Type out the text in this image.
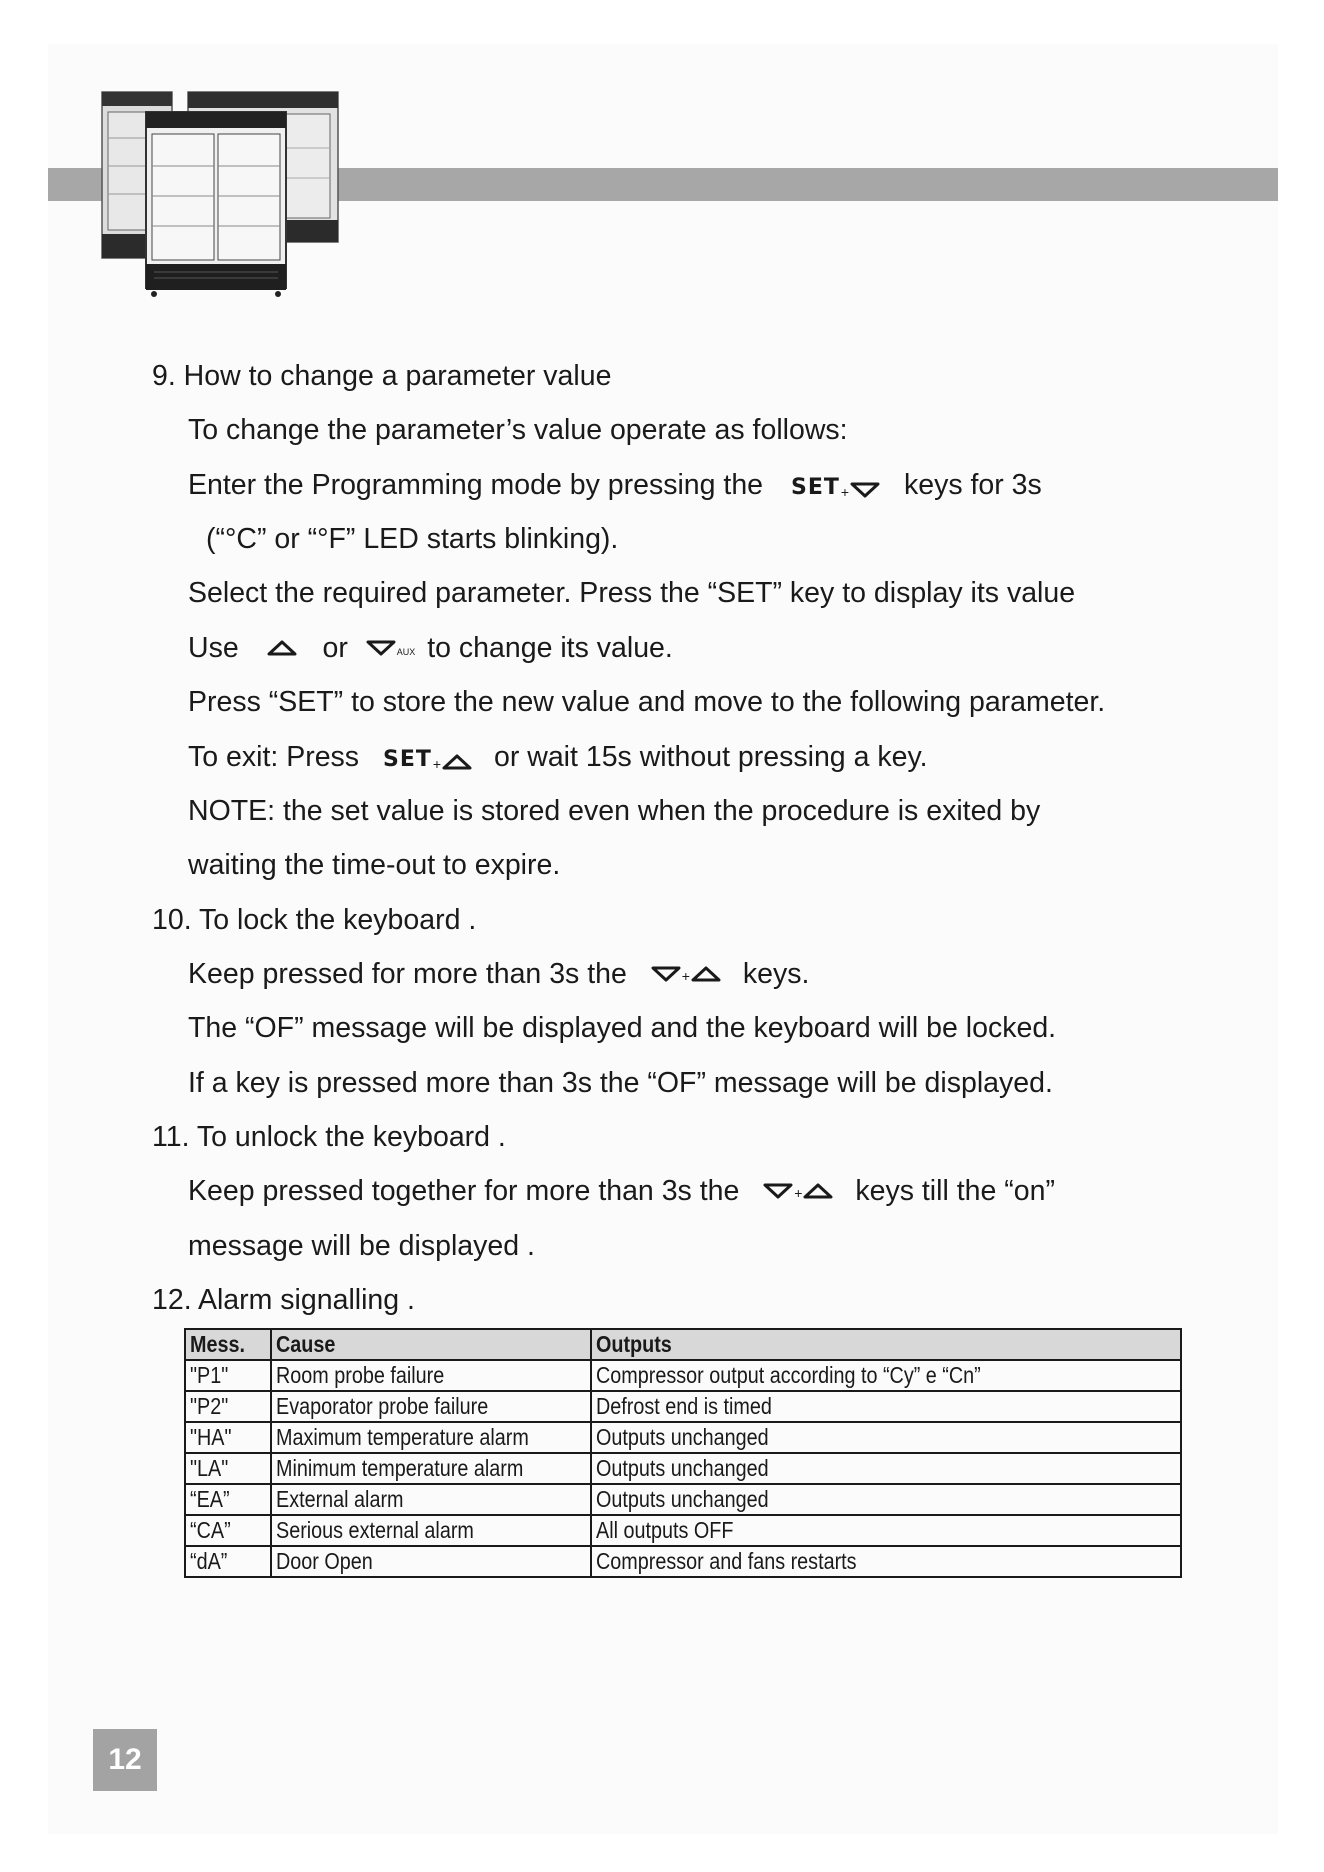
9. How to change a parameter value
To change the parameter’s value operate as follows:
Enter the Programming mode by pressing the SET + keys for 3s
(“°C” or “°F” LED starts blinking).
Select the required parameter. Press the “SET” key to display its value
Use	or	AUX to change its value.
Press “SET” to store the new value and move to the following parameter.
To exit: Press SET + or wait 15s without pressing a key.
NOTE: the set value is stored even when the procedure is exited by
waiting the time-out to expire.
10. To lock the keyboard .
Keep pressed for more than 3s the	+ keys.
The “OF” message will be displayed and the keyboard will be locked.
If a key is pressed more than 3s the “OF” message will be displayed.
11. To unlock the keyboard .
Keep pressed together for more than 3s the	+ keys till the “on”
message will be displayed .
12. Alarm signalling .
Mess.	Cause	Outputs
"P1"	Room probe failure	Compressor output according to “Cy” e “Cn”
"P2"	Evaporator probe failure	Defrost end is timed
"HA"	Maximum temperature alarm	Outputs unchanged
"LA"	Minimum temperature alarm	Outputs unchanged
“EA”	External alarm	Outputs unchanged
“CA”	Serious external alarm	All outputs OFF
“dA”	Door Open	Compressor and fans restarts
12
